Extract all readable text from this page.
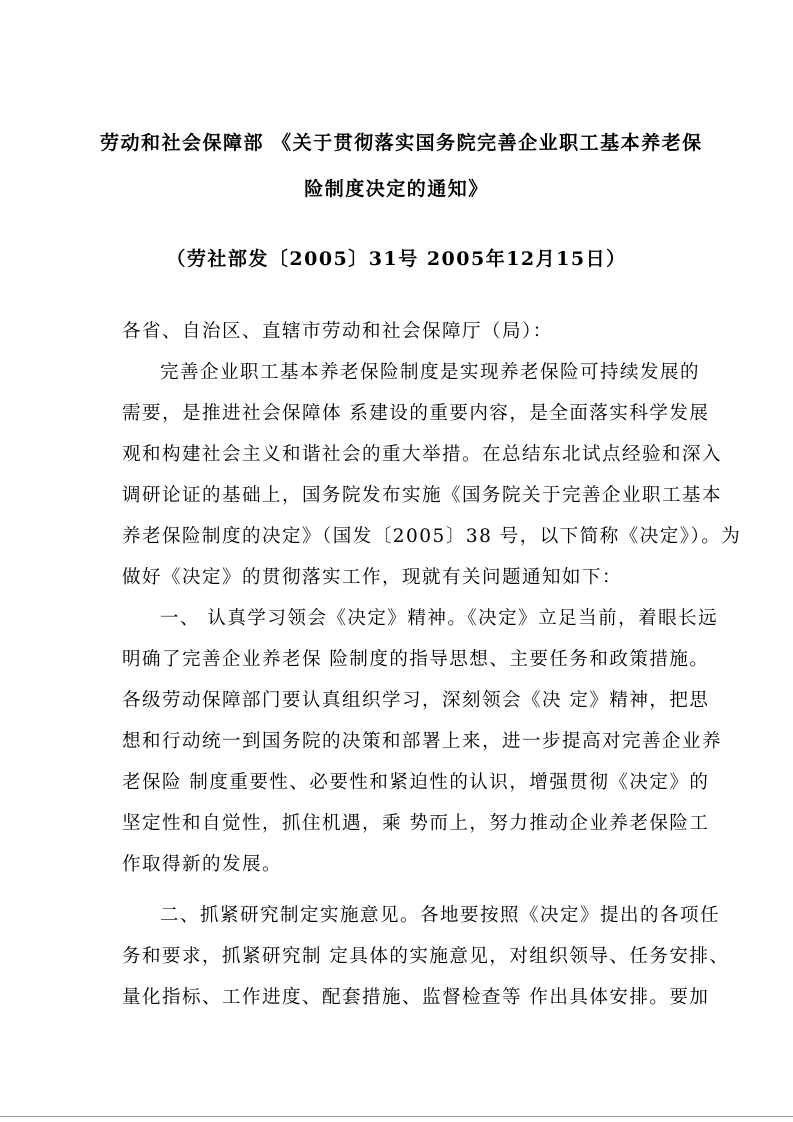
劳动和社会保障部 《关于贯彻落实国务院完善企业职工基本养老保
险制度决定的通知》
（劳社部发〔2005〕31号 2005年12月15日）
各省、自治区、直辖市劳动和社会保障厅（局）：
完善企业职工基本养老保险制度是实现养老保险可持续发展的
需要，是推进社会保障体 系建设的重要内容，是全面落实科学发展
观和构建社会主义和谐社会的重大举措。在总结东北试点经验和深入
调研论证的基础上，国务院发布实施《国务院关于完善企业职工基本
养老保险制度的决定》（国发〔2005〕38 号，以下简称《决定》）。为
做好《决定》的贯彻落实工作，现就有关问题通知如下：
一、 认真学习领会《决定》精神。《决定》立足当前，着眼长远
明确了完善企业养老保 险制度的指导思想、主要任务和政策措施。
各级劳动保障部门要认真组织学习，深刻领会《决 定》精神，把思
想和行动统一到国务院的决策和部署上来，进一步提高对完善企业养
老保险 制度重要性、必要性和紧迫性的认识，增强贯彻《决定》的
坚定性和自觉性，抓住机遇，乘 势而上，努力推动企业养老保险工
作取得新的发展。
二、抓紧研究制定实施意见。各地要按照《决定》提出的各项任
务和要求，抓紧研究制 定具体的实施意见，对组织领导、任务安排、
量化指标、工作进度、配套措施、监督检查等 作出具体安排。要加
